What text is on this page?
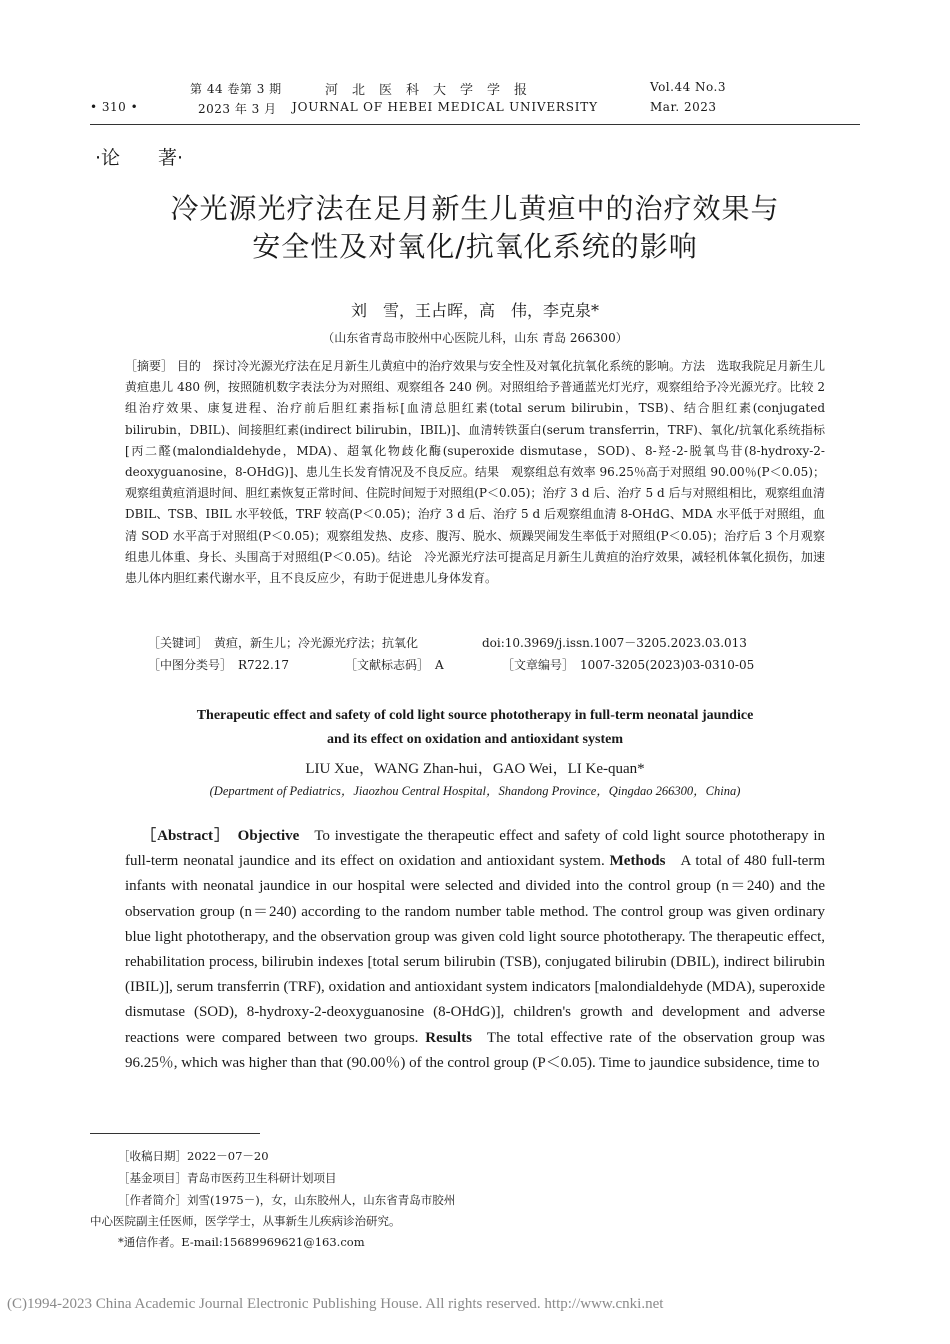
• 310 •
第 44 卷第 3 期
2023 年 3 月
河北医科大学学报
JOURNAL OF HEBEI MEDICAL UNIVERSITY
Vol.44 No.3
Mar. 2023
·论　　著·
冷光源光疗法在足月新生儿黄疸中的治疗效果与
安全性及对氧化/抗氧化系统的影响
刘　雪，王占晖，高　伟，李克泉*
（山东省青岛市胶州中心医院儿科，山东 青岛 266300）
［摘要］ 目的　探讨冷光源光疗法在足月新生儿黄疸中的治疗效果与安全性及对氧化抗氧化系统的影响。方法　选取我院足月新生儿黄疸患儿 480 例，按照随机数字表法分为对照组、观察组各 240 例。对照组给予普通蓝光灯光疗，观察组给予冷光源光疗。比较 2 组治疗效果、康复进程、治疗前后胆红素指标[血清总胆红素(total serum bilirubin，TSB)、结合胆红素(conjugated bilirubin，DBIL)、间接胆红素(indirect bilirubin，IBIL)]、血清转铁蛋白(serum transferrin，TRF)、氧化/抗氧化系统指标[丙二醛(malondialdehyde，MDA)、超氧化物歧化酶(superoxide dismutase，SOD)、8-羟-2-脱氧鸟苷(8-hydroxy-2-deoxyguanosine，8-OHdG)]、患儿生长发育情况及不良反应。结果　观察组总有效率 96.25％高于对照组 90.00％(P＜0.05)；观察组黄疸消退时间、胆红素恢复正常时间、住院时间短于对照组(P＜0.05)；治疗 3 d 后、治疗 5 d 后与对照组相比，观察组血清 DBIL、TSB、IBIL 水平较低，TRF 较高(P＜0.05)；治疗 3 d 后、治疗 5 d 后观察组血清 8-OHdG、MDA 水平低于对照组，血清 SOD 水平高于对照组(P＜0.05)；观察组发热、皮疹、腹泻、脱水、烦躁哭闹发生率低于对照组(P＜0.05)；治疗后 3 个月观察组患儿体重、身长、头围高于对照组(P＜0.05)。结论　冷光源光疗法可提高足月新生儿黄疸的治疗效果，减轻机体氧化损伤，加速患儿体内胆红素代谢水平，且不良反应少，有助于促进患儿身体发育。
［关键词］　黄疸，新生儿；冷光源光疗法；抗氧化	doi:10.3969/j.issn.1007－3205.2023.03.013
［中图分类号］　R722.17	［文献标志码］　A	［文章编号］　1007-3205(2023)03-0310-05
Therapeutic effect and safety of cold light source phototherapy in full-term neonatal jaundice and its effect on oxidation and antioxidant system
LIU Xue，WANG Zhan-hui，GAO Wei，LI Ke-quan*
(Department of Pediatrics，Jiaozhou Central Hospital，Shandong Province，Qingdao 266300，China)
 ［Abstract］  Objective  To investigate the therapeutic effect and safety of cold light source phototherapy in full-term neonatal jaundice and its effect on oxidation and antioxidant system. Methods  A total of 480 full-term infants with neonatal jaundice in our hospital were selected and divided into the control group (n＝240) and the observation group (n＝240) according to the random number table method. The control group was given ordinary blue light phototherapy, and the observation group was given cold light source phototherapy. The therapeutic effect, rehabilitation process, bilirubin indexes [total serum bilirubin (TSB), conjugated bilirubin (DBIL), indirect bilirubin (IBIL)], serum transferrin (TRF), oxidation and antioxidant system indicators [malondialdehyde (MDA), superoxide dismutase (SOD), 8-hydroxy-2-deoxyguanosine (8-OHdG)], children's growth and development and adverse reactions were compared between two groups. Results  The total effective rate of the observation group was 96.25％, which was higher than that (90.00％) of the control group (P＜0.05). Time to jaundice subsidence, time to
［收稿日期］2022－07－20
［基金项目］青岛市医药卫生科研计划项目
［作者简介］刘雪(1975－)，女，山东胶州人，山东省青岛市胶州
中心医院副主任医师，医学学士，从事新生儿疾病诊治研究。
*通信作者。E-mail:15689969621@163.com
(C)1994-2023 China Academic Journal Electronic Publishing House. All rights reserved. http://www.cnki.net
